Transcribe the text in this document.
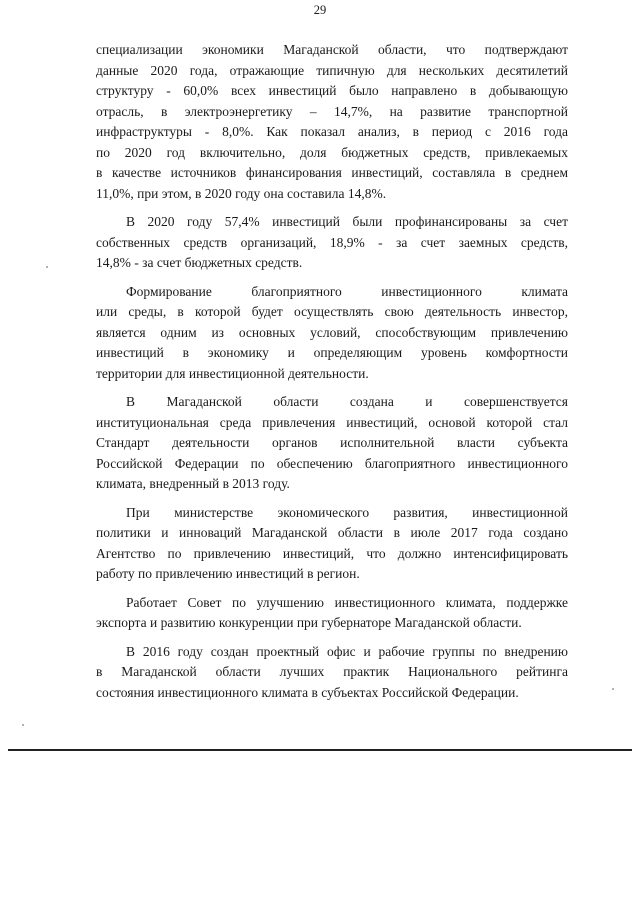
29

специализации экономики Магаданской области, что подтверждают
данные 2020 года, отражающие типичную для нескольких десятилетий
структуру - 60,0% всех инвестиций было направлено в добывающую
отрасль, в электроэнергетику – 14,7%, на развитие транспортной
инфраструктуры - 8,0%. Как показал анализ, в период с 2016 года
по 2020 год включительно, доля бюджетных средств, привлекаемых
в качестве источников финансирования инвестиций, составляла в среднем
11,0%, при этом, в 2020 году она составила 14,8%.

В 2020 году 57,4% инвестиций были профинансированы за счет
собственных средств организаций, 18,9% - за счет заемных средств,
14,8% - за счет бюджетных средств.

Формирование благоприятного инвестиционного климата
или среды, в которой будет осуществлять свою деятельность инвестор,
является одним из основных условий, способствующим привлечению
инвестиций в экономику и определяющим уровень комфортности
территории для инвестиционной деятельности.

В Магаданской области создана и совершенствуется
институциональная среда привлечения инвестиций, основой которой стал
Стандарт деятельности органов исполнительной власти субъекта
Российской Федерации по обеспечению благоприятного инвестиционного
климата, внедренный в 2013 году.

При министерстве экономического развития, инвестиционной
политики и инноваций Магаданской области в июле 2017 года создано
Агентство по привлечению инвестиций, что должно интенсифицировать
работу по привлечению инвестиций в регион.

Работает Совет по улучшению инвестиционного климата, поддержке
экспорта и развитию конкуренции при губернаторе Магаданской области.

В 2016 году создан проектный офис и рабочие группы по внедрению
в Магаданской области лучших практик Национального рейтинга
состояния инвестиционного климата в субъектах Российской Федерации.
